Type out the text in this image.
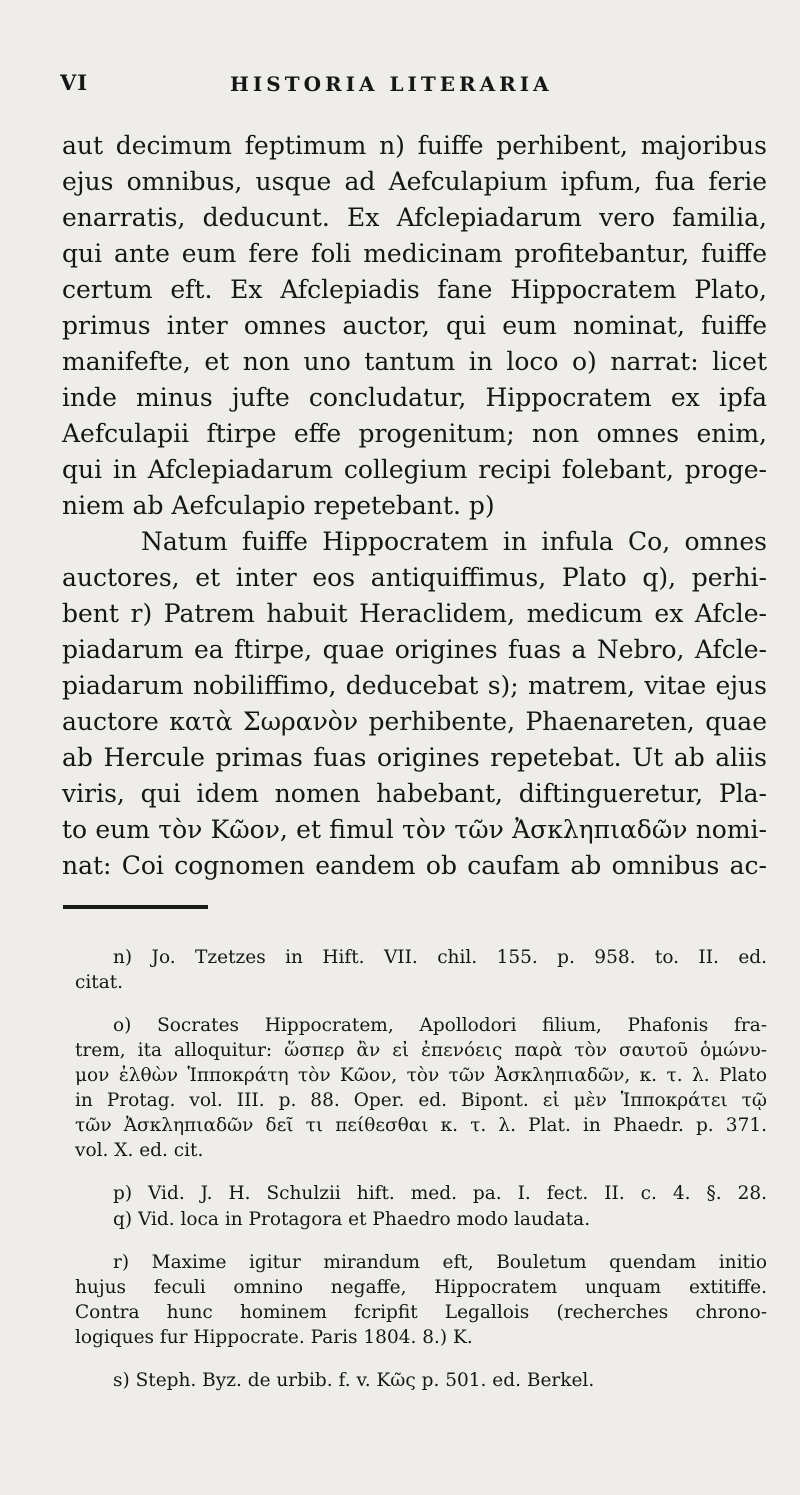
VI	HISTORIA LITERARIA
aut decimum feptimum n) fuiffe perhibent, majoribus
ejus omnibus, usque ad Aefculapium ipfum, fua ferie
enarratis, deducunt. Ex Afclepiadarum vero familia,
qui ante eum fere foli medicinam profitebantur, fuiffe
certum eft. Ex Afclepiadis fane Hippocratem Plato,
primus inter omnes auctor, qui eum nominat, fuiffe
manifefte, et non uno tantum in loco o) narrat: licet
inde minus jufte concludatur, Hippocratem ex ipfa
Aefculapii ftirpe effe progenitum; non omnes enim,
qui in Afclepiadarum collegium recipi folebant, proge-
niem ab Aefculapio repetebant. p)
Natum fuiffe Hippocratem in infula Co, omnes
auctores, et inter eos antiquiffimus, Plato q), perhi-
bent r) Patrem habuit Heraclidem, medicum ex Afcle-
piadarum ea ftirpe, quae origines fuas a Nebro, Afcle-
piadarum nobiliffimo, deducebat s); matrem, vitae ejus
auctore κατὰ Σωρανὸν perhibente, Phaenareten, quae
ab Hercule primas fuas origines repetebat. Ut ab aliis
viris, qui idem nomen habebant, diftingueretur, Pla-
to eum τὸν Κῶον, et fimul τὸν τῶν Ἀσκληπιαδῶν nomi-
nat: Coi cognomen eandem ob caufam ab omnibus ac-
n) Jo. Tzetzes in Hift. VII. chil. 155. p. 958. to. II. ed.
citat.
o) Socrates Hippocratem, Apollodori filium, Phafonis fra-
trem, ita alloquitur: ὥσπερ ἂν εἰ ἐπενόεις παρὰ τὸν σαυτοῦ ὁμώνυ-
μον ἐλθὼν Ἱπποκράτη τὸν Κῶον, τὸν τῶν Ἀσκληπιαδῶν, κ. τ. λ. Plato
in Protag. vol. III. p. 88. Oper. ed. Bipont. εἰ μὲν Ἱπποκράτει τῷ
τῶν Ἀσκληπιαδῶν δεῖ τι πείθεσθαι κ. τ. λ. Plat. in Phaedr. p. 371.
vol. X. ed. cit.
p) Vid. J. H. Schulzii hift. med. pa. I. fect. II. c. 4. §. 28.
q) Vid. loca in Protagora et Phaedro modo laudata.
r) Maxime igitur mirandum eft, Bouletum quendam initio
hujus feculi omnino negaffe, Hippocratem unquam extitiffe.
Contra hunc hominem fcripfit Legallois (recherches chrono-
logiques fur Hippocrate. Paris 1804. 8.) K.
s) Steph. Byz. de urbib. f. v. Κῶς p. 501. ed. Berkel.
